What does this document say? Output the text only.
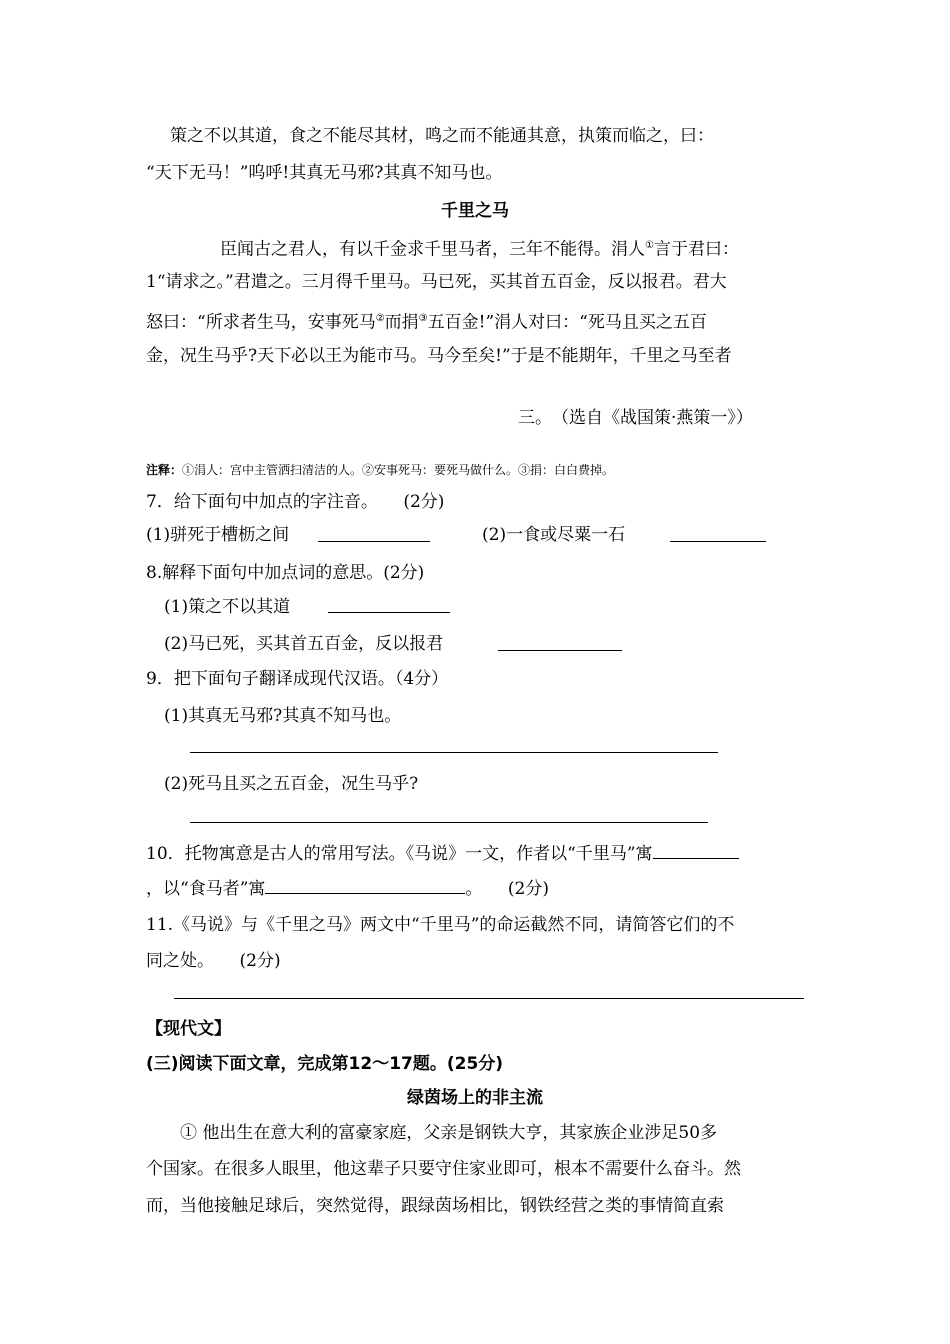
策之不以其道，食之不能尽其材，鸣之而不能通其意，执策而临之，曰：
“天下无马！”呜呼!其真无马邪?其真不知马也。
千里之马
臣闻古之君人，有以千金求千里马者，三年不能得。涓人①言于君曰：
1“请求之。”君遣之。三月得千里马。马已死，买其首五百金，反以报君。君大
怒曰：“所求者生马，安事死马②而捐③五百金!”涓人对曰：“死马且买之五百
金，况生马乎?天下必以王为能市马。马今至矣!”于是不能期年，千里之马至者
三。　（选自《战国策·燕策一》）
注释：①涓人：宫中主管洒扫清洁的人。②安事死马：要死马做什么。③捐：白白费掉。
7．给下面句中加点的字注音。　　(2分)
(1)骈死于槽枥之间	(2)一食或尽粟一石
8.解释下面句中加点词的意思。(2分)
(1)策之不以其道
(2)马已死，买其首五百金，反以报君
9．把下面句子翻译成现代汉语。（4分）
(1)其真无马邪?其真不知马也。
(2)死马且买之五百金，况生马乎?
10．托物寓意是古人的常用写法。《马说》一文，作者以“千里马”寓
，以“食马者”寓	。　　(2分)
11.《马说》与《千里之马》两文中“千里马”的命运截然不同，请简答它们的不
同之处。　　(2分)
【现代文】
(三)阅读下面文章，完成第12～17题。(25分)
绿茵场上的非主流
① 他出生在意大利的富豪家庭，父亲是钢铁大亨，其家族企业涉足50多
个国家。在很多人眼里，他这辈子只要守住家业即可，根本不需要什么奋斗。然
而，当他接触足球后，突然觉得，跟绿茵场相比，钢铁经营之类的事情简直索
